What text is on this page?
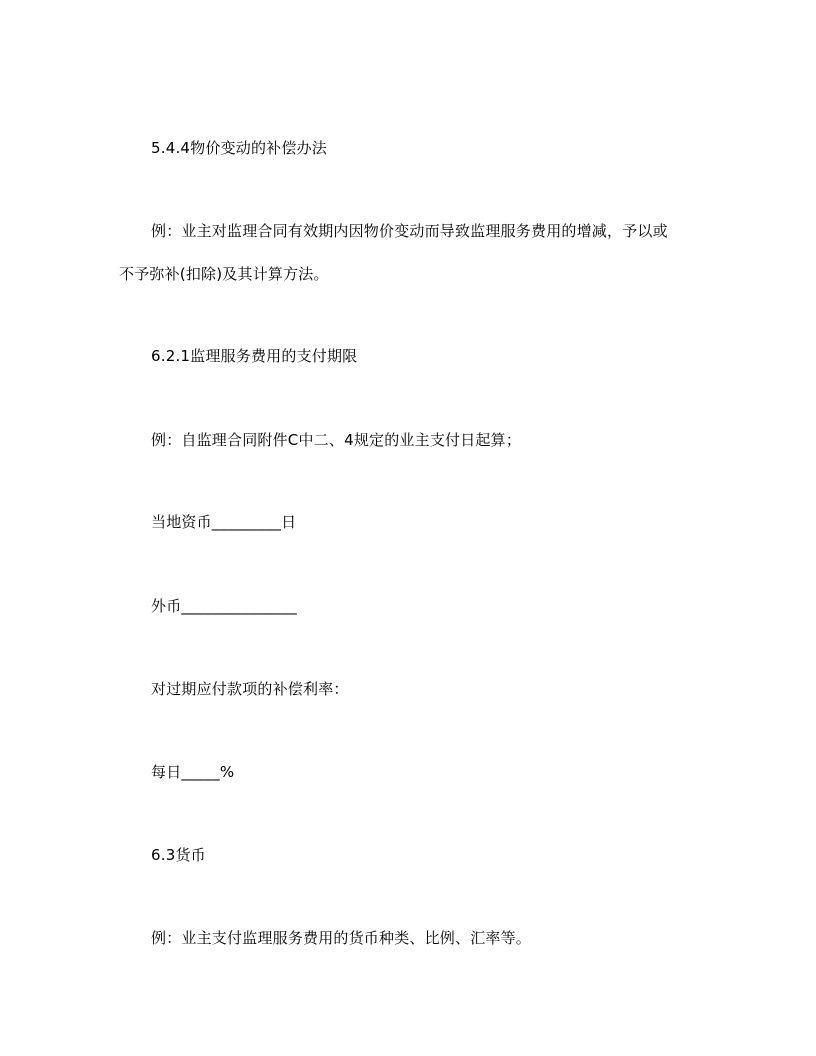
5.4.4物价变动的补偿办法
例：业主对监理合同有效期内因物价变动而导致监理服务费用的增减，予以或
不予弥补(扣除)及其计算方法。
6.2.1监理服务费用的支付期限
例：自监理合同附件C中二、4规定的业主支付日起算；
当地资币_________日
外币_______________
对过期应付款项的补偿利率：
每日_____%
6.3货币
例：业主支付监理服务费用的货币种类、比例、汇率等。
